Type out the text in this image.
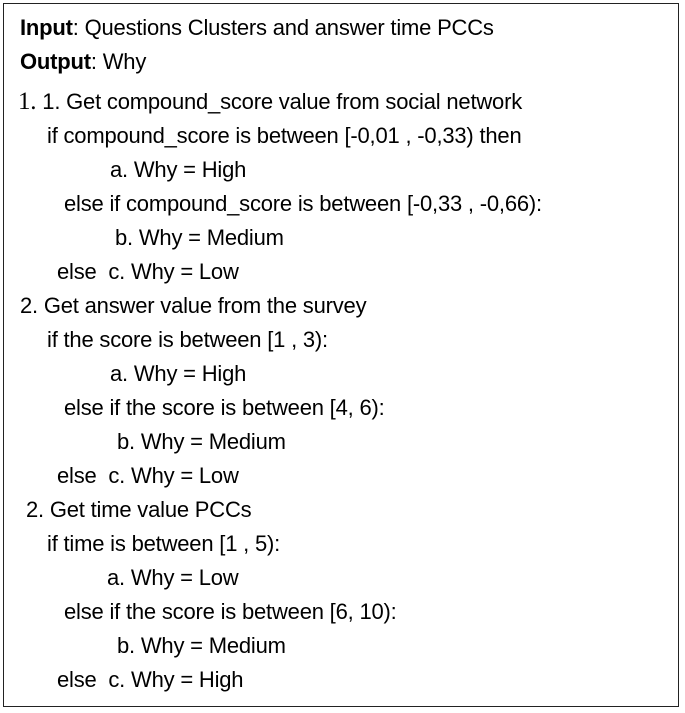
Input: Questions Clusters and answer time PCCs
Output: Why
1. 1. Get compound_score value from social network
if compound_score is between [-0,01 , -0,33) then
a. Why = High
else if compound_score is between [-0,33 , -0,66):
b. Why = Medium
else  c. Why = Low
2. Get answer value from the survey
if the score is between [1 , 3):
a. Why = High
else if the score is between [4, 6):
b. Why = Medium
else  c. Why = Low
2. Get time value PCCs
if time is between [1 , 5):
a. Why = Low
else if the score is between [6, 10):
b. Why = Medium
else  c. Why = High
